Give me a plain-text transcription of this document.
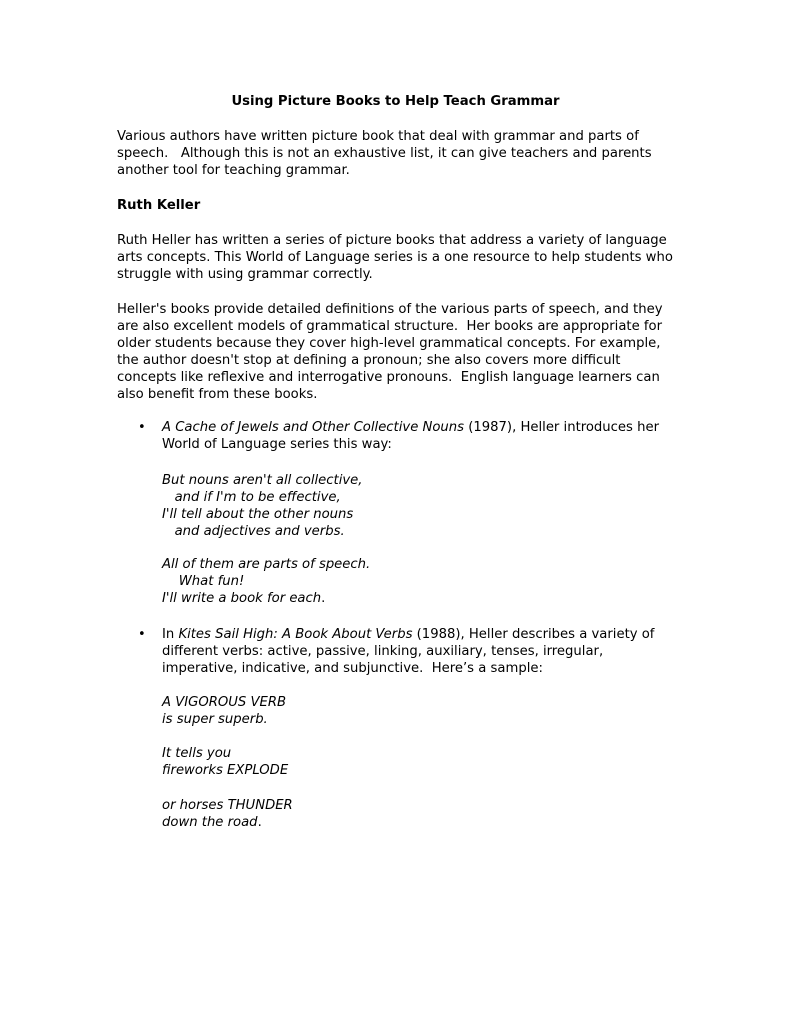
Using Picture Books to Help Teach Grammar
Various authors have written picture book that deal with grammar and parts of
speech.   Although this is not an exhaustive list, it can give teachers and parents
another tool for teaching grammar.
Ruth Keller
Ruth Heller has written a series of picture books that address a variety of language
arts concepts. This World of Language series is a one resource to help students who
struggle with using grammar correctly.
Heller's books provide detailed definitions of the various parts of speech, and they
are also excellent models of grammatical structure.  Her books are appropriate for
older students because they cover high-level grammatical concepts. For example,
the author doesn't stop at defining a pronoun; she also covers more difficult
concepts like reflexive and interrogative pronouns.  English language learners can
also benefit from these books.
• A Cache of Jewels and Other Collective Nouns (1987), Heller introduces her
World of Language series this way:
But nouns aren't all collective,
and if I'm to be effective,
I'll tell about the other nouns
and adjectives and verbs.
All of them are parts of speech.
What fun!
I'll write a book for each.
• In Kites Sail High: A Book About Verbs (1988), Heller describes a variety of
different verbs: active, passive, linking, auxiliary, tenses, irregular,
imperative, indicative, and subjunctive.  Here’s a sample:
A VIGOROUS VERB
is super superb.
It tells you
fireworks EXPLODE
or horses THUNDER
down the road.
